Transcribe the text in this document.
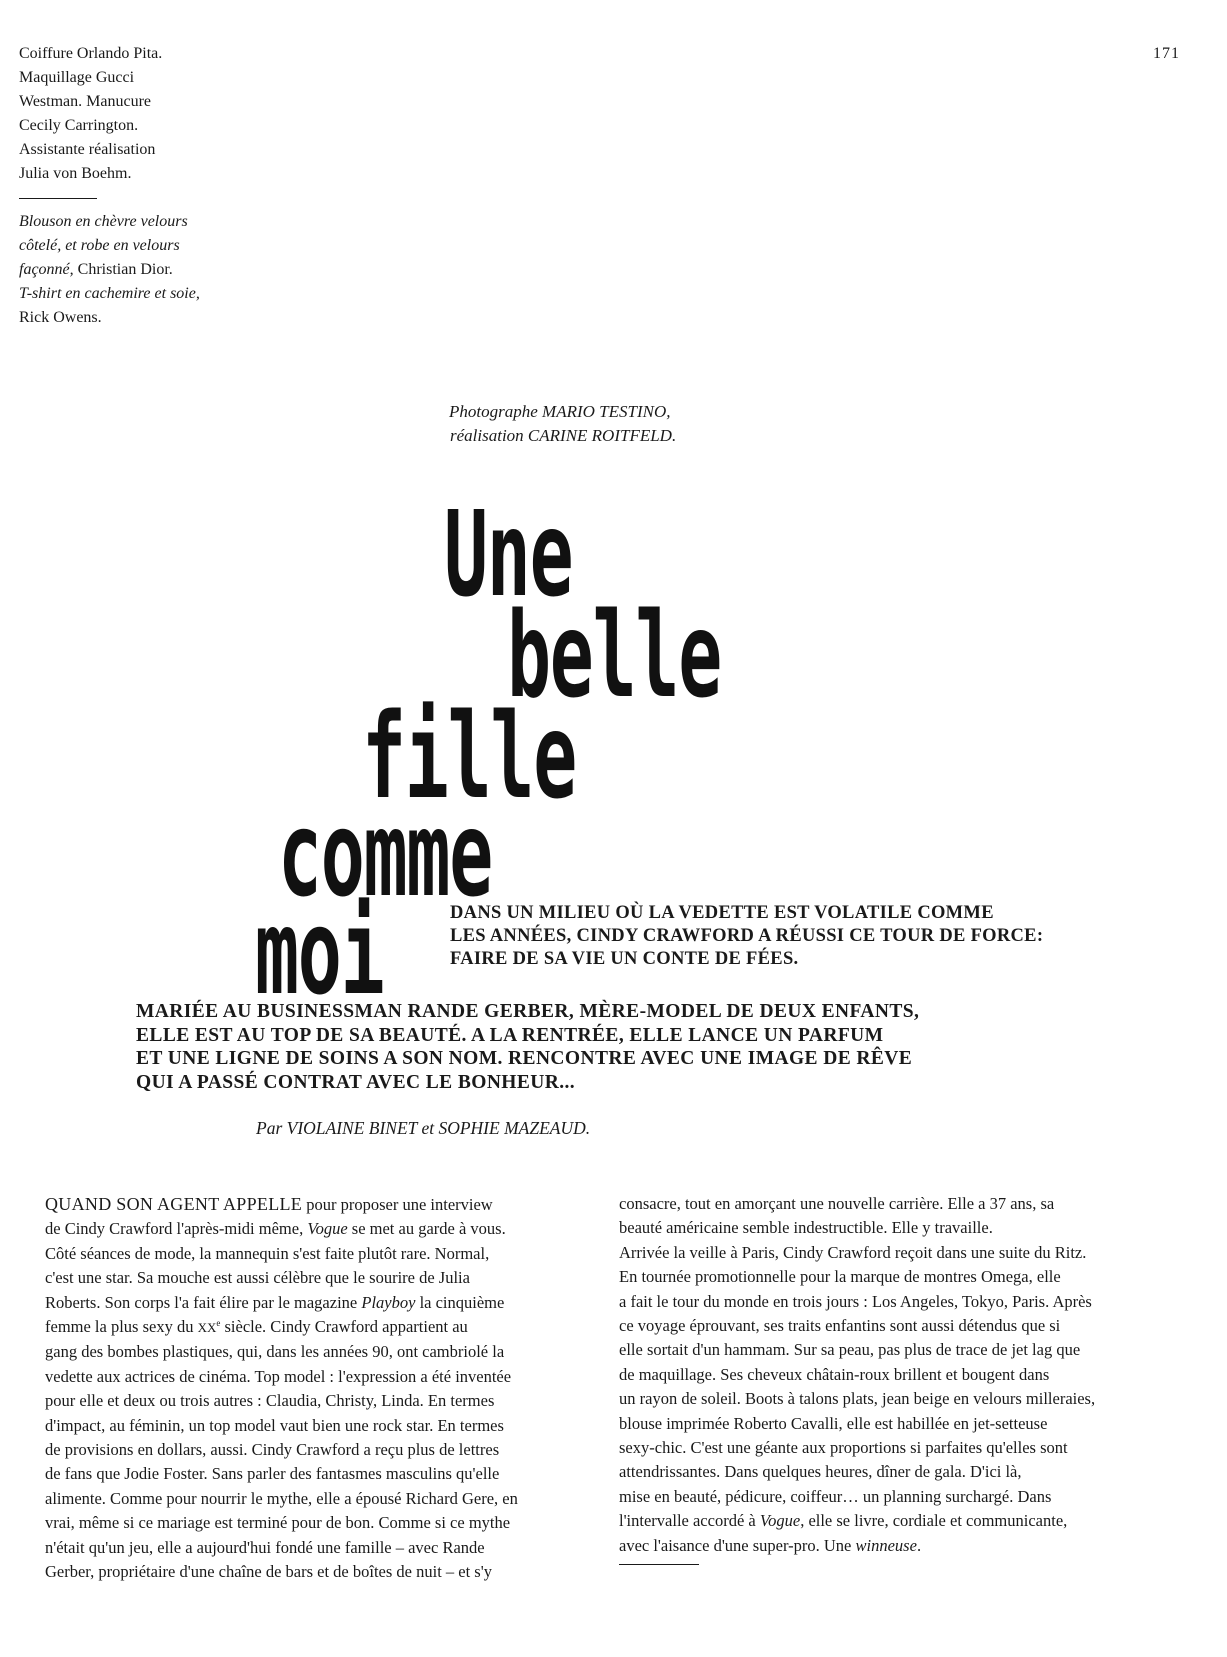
171
Coiffure Orlando Pita.
Maquillage Gucci
Westman. Manucure
Cecily Carrington.
Assistante réalisation
Julia von Boehm.
Blouson en chèvre velours
côtelé, et robe en velours
façonné, Christian Dior.
T-shirt en cachemire et soie,
Rick Owens.
Photographe MARIO TESTINO,
réalisation CARINE ROITFELD.
Une
belle
fille
comme
moi	DANS UN MILIEU OÙ LA VEDETTE EST VOLATILE COMME
LES ANNÉES, CINDY CRAWFORD A RÉUSSI CE TOUR DE FORCE:
FAIRE DE SA VIE UN CONTE DE FÉES.
MARIÉE AU BUSINESSMAN RANDE GERBER, MÈRE-MODEL DE DEUX ENFANTS,
ELLE EST AU TOP DE SA BEAUTÉ. A LA RENTRÉE, ELLE LANCE UN PARFUM
ET UNE LIGNE DE SOINS A SON NOM. RENCONTRE AVEC UNE IMAGE DE RÊVE
QUI A PASSÉ CONTRAT AVEC LE BONHEUR...
Par VIOLAINE BINET et SOPHIE MAZEAUD.
QUAND SON AGENT APPELLE pour proposer une interview
de Cindy Crawford l'après-midi même, Vogue se met au garde à vous.
Côté séances de mode, la mannequin s'est faite plutôt rare. Normal,
c'est une star. Sa mouche est aussi célèbre que le sourire de Julia
Roberts. Son corps l'a fait élire par le magazine Playboy la cinquième
femme la plus sexy du XXe siècle. Cindy Crawford appartient au
gang des bombes plastiques, qui, dans les années 90, ont cambriolé la
vedette aux actrices de cinéma. Top model : l'expression a été inventée
pour elle et deux ou trois autres : Claudia, Christy, Linda. En termes
d'impact, au féminin, un top model vaut bien une rock star. En termes
de provisions en dollars, aussi. Cindy Crawford a reçu plus de lettres
de fans que Jodie Foster. Sans parler des fantasmes masculins qu'elle
alimente. Comme pour nourrir le mythe, elle a épousé Richard Gere, en
vrai, même si ce mariage est terminé pour de bon. Comme si ce mythe
n'était qu'un jeu, elle a aujourd'hui fondé une famille – avec Rande
Gerber, propriétaire d'une chaîne de bars et de boîtes de nuit – et s'y
consacre, tout en amorçant une nouvelle carrière. Elle a 37 ans, sa
beauté américaine semble indestructible. Elle y travaille.
Arrivée la veille à Paris, Cindy Crawford reçoit dans une suite du Ritz.
En tournée promotionnelle pour la marque de montres Omega, elle
a fait le tour du monde en trois jours : Los Angeles, Tokyo, Paris. Après
ce voyage éprouvant, ses traits enfantins sont aussi détendus que si
elle sortait d'un hammam. Sur sa peau, pas plus de trace de jet lag que
de maquillage. Ses cheveux châtain-roux brillent et bougent dans
un rayon de soleil. Boots à talons plats, jean beige en velours milleraies,
blouse imprimée Roberto Cavalli, elle est habillée en jet-setteuse
sexy-chic. C'est une géante aux proportions si parfaites qu'elles sont
attendrissantes. Dans quelques heures, dîner de gala. D'ici là,
mise en beauté, pédicure, coiffeur… un planning surchargé. Dans
l'intervalle accordé à Vogue, elle se livre, cordiale et communicante,
avec l'aisance d'une super-pro. Une winneuse.
